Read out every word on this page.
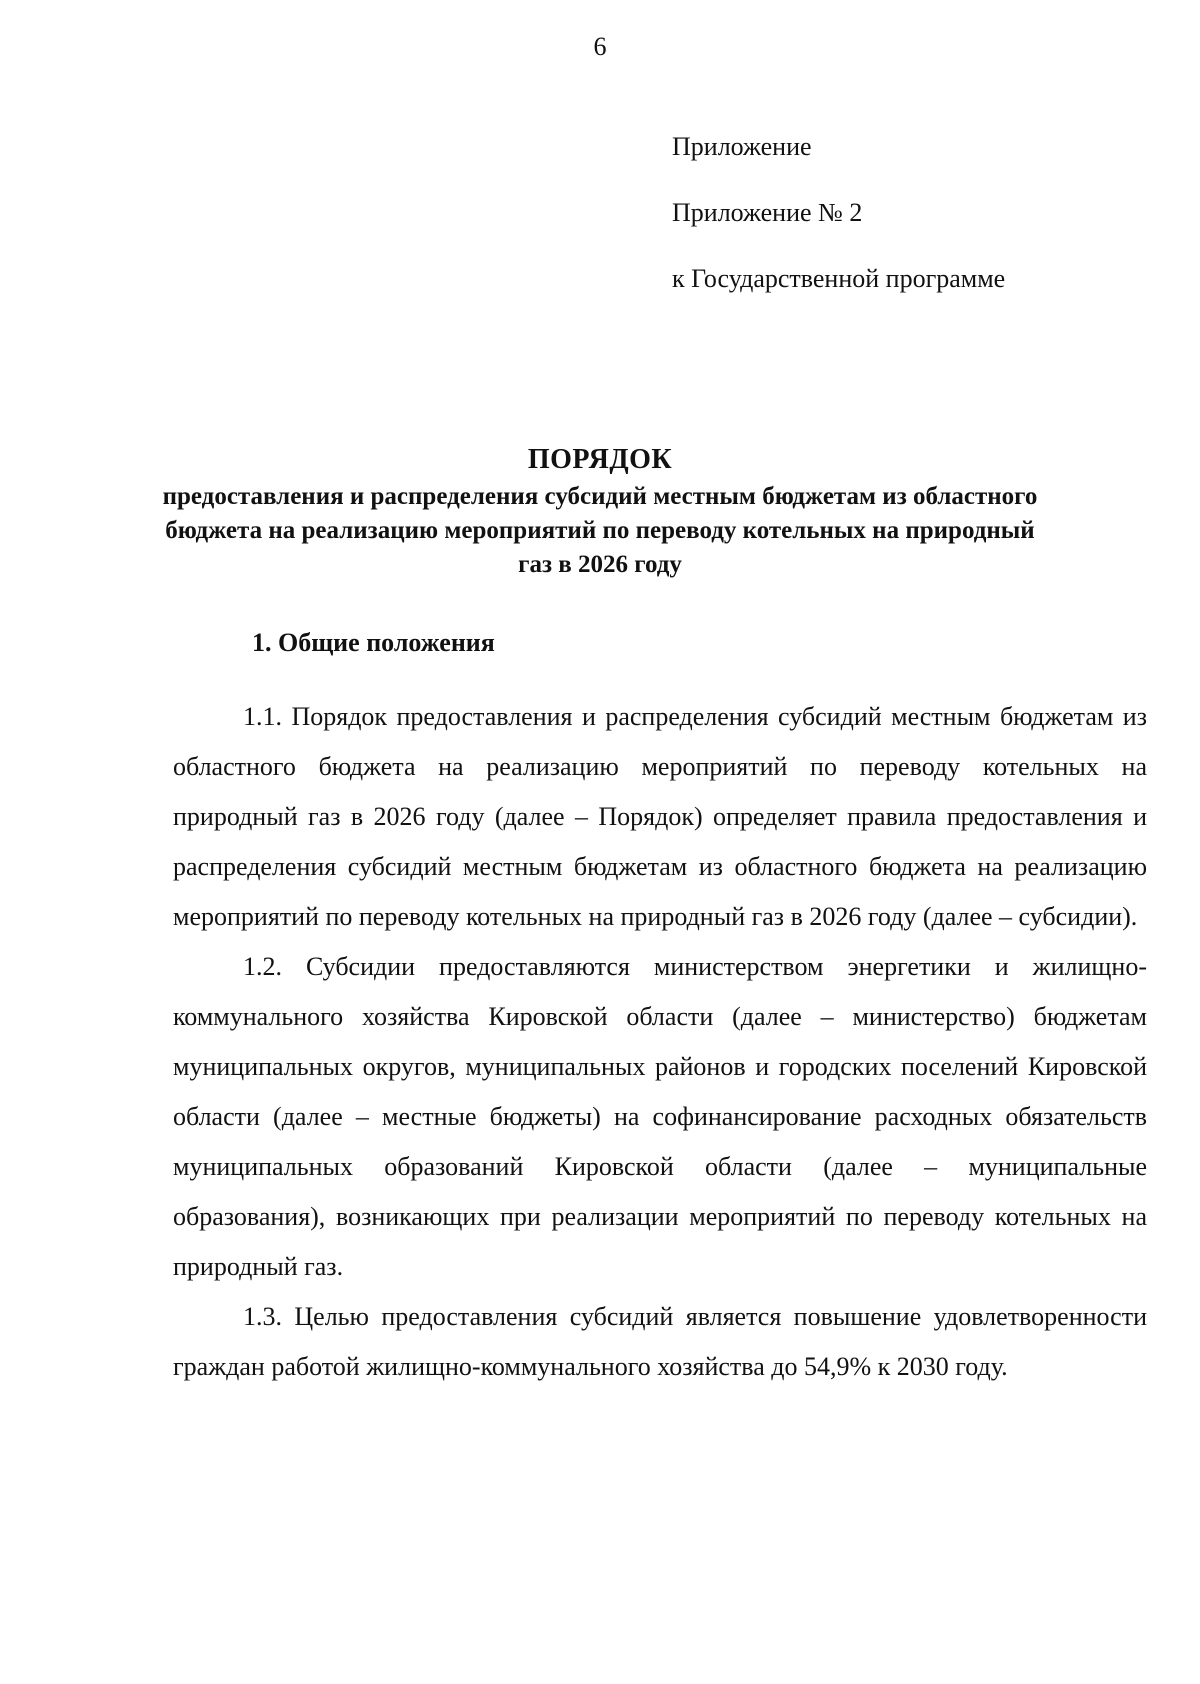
6
Приложение
Приложение № 2
к Государственной программе
ПОРЯДОК
предоставления и распределения субсидий местным бюджетам из областного бюджета на реализацию мероприятий по переводу котельных на природный газ в 2026 году
1. Общие положения

1.1. Порядок предоставления и распределения субсидий местным бюджетам из областного бюджета на реализацию мероприятий по переводу котельных на природный газ в 2026 году (далее – Порядок) определяет правила предоставления и распределения субсидий местным бюджетам из областного бюджета на реализацию мероприятий по переводу котельных на природный газ в 2026 году (далее – субсидии).

1.2. Субсидии предоставляются министерством энергетики и жилищно-коммунального хозяйства Кировской области (далее – министерство) бюджетам муниципальных округов, муниципальных районов и городских поселений Кировской области (далее – местные бюджеты) на софинансирование расходных обязательств муниципальных образований Кировской области (далее – муниципальные образования), возникающих при реализации мероприятий по переводу котельных на природный газ.

1.3. Целью предоставления субсидий является повышение удовлетворенности граждан работой жилищно-коммунального хозяйства до 54,9% к 2030 году.
